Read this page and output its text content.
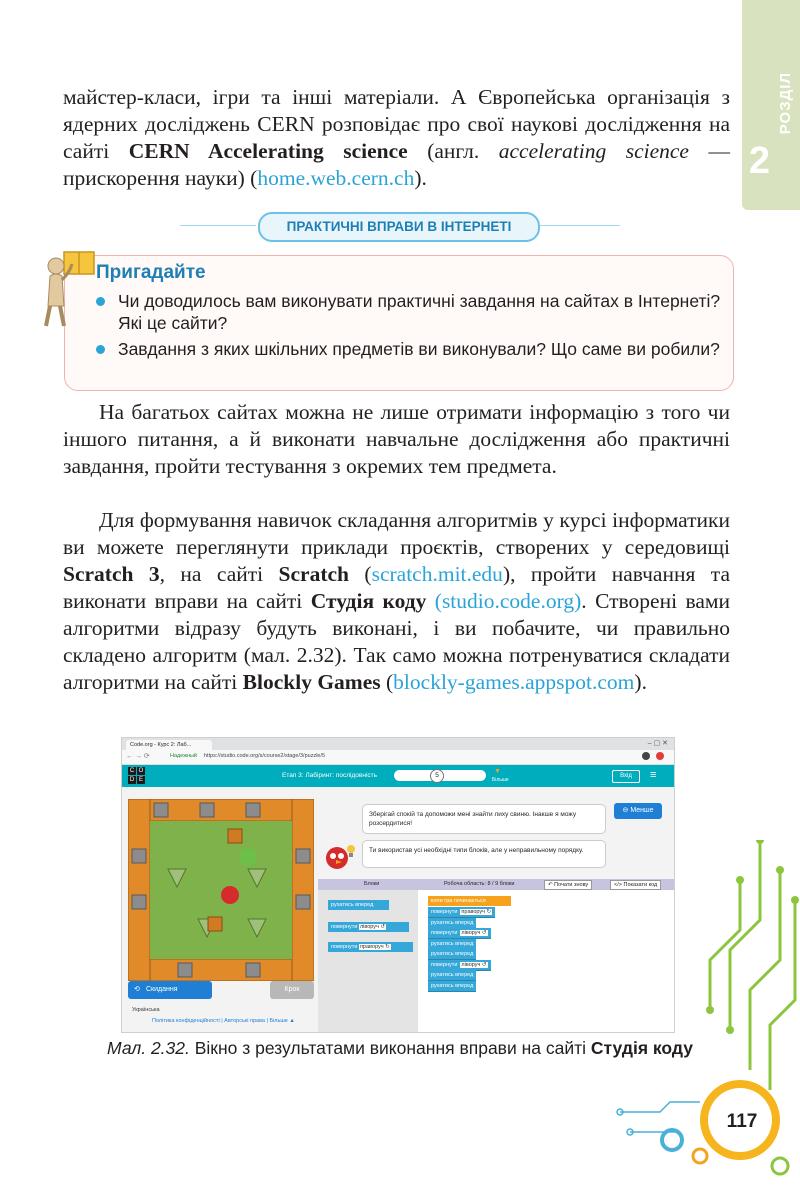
РОЗДІЛ
2

майстер-класи, ігри та інші матеріали. А Європейська організація з ядерних досліджень CERN розповідає про свої наукові дослідження на сайті CERN Accelerating science (англ. accelerating science — прискорення науки) (home.web.cern.ch).

ПРАКТИЧНІ ВПРАВИ В ІНТЕРНЕТІ
Пригадайте
Чи доводилось вам виконувати практичні завдання на сайтах в Інтернеті? Які це сайти?
Завдання з яких шкільних предметів ви виконували? Що саме ви робили?

На багатьох сайтах можна не лише отримати інформацію з того чи іншого питання, а й виконати навчальне дослідження або практичні завдання, пройти тестування з окремих тем предмета.

Для формування навичок складання алгоритмів у курсі інформатики ви можете переглянути приклади проєктів, створених у середовищі Scratch 3, на сайті Scratch (scratch.mit.edu), пройти навчання та виконати вправи на сайті Студія коду (studio.code.org). Створені вами алгоритми відразу будуть виконані, і ви побачите, чи правильно складено алгоритм (мал. 2.32). Так само можна потренуватися складати алгоритми на сайті Blockly Games (blockly-games.appspot.com).

Code.org - Курс 2: Лаб...	– ▢ ✕
← → ⟳	Надежный https://studio.code.org/s/course2/stage/3/puzzle/5
C O
D E
Етап 3: Лабіринт: послідовність	5
▼
Більше
Вхід	≡
⟲ Скидання	Крок
Українська
Політика конфіденційності | Авторські права | Більше ▲
Зберігай спокій та допоможи мені знайти лиху свиню. Інакше я можу розсердитися!
Ти використав усі необхідні типи блоків, але у неправильному порядку.
⊖ Менше
Блоки	Робоча область: 8 / 9 блоки	↶ Почати знову	</> Показати код
рухатись вперед
повернути ліворуч ↺
повернути праворуч ↻
коли гра починається
повернути праворуч ↻
рухатись вперед
повернути ліворуч ↺
рухатись вперед
рухатись вперед
повернути ліворуч ↺
рухатись вперед
рухатись вперед
Мал. 2.32. Вікно з результатами виконання вправи на сайті Студія коду
117
